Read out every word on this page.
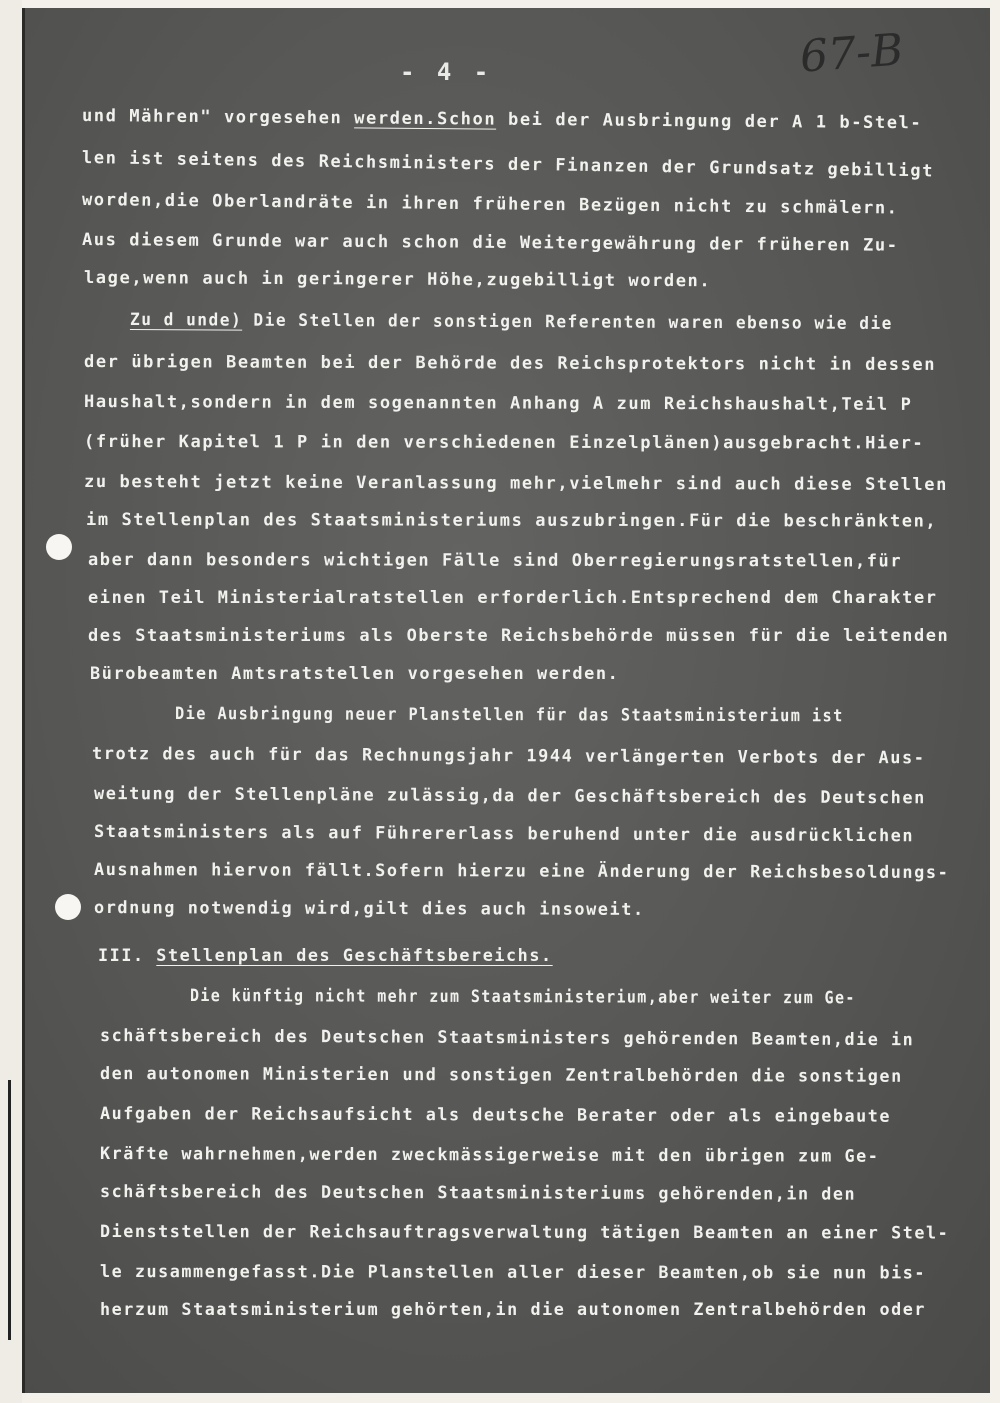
- 4 -	67-B
und Mähren" vorgesehen werden.Schon bei der Ausbringung der A 1 b-Stel-
len ist seitens des Reichsministers der Finanzen der Grundsatz gebilligt
worden,die Oberlandräte in ihren früheren Bezügen nicht zu schmälern.
Aus diesem Grunde war auch schon die Weitergewährung der früheren Zu-
lage,wenn auch in geringerer Höhe,zugebilligt worden.
Zu d unde) Die Stellen der sonstigen Referenten waren ebenso wie die
der übrigen Beamten bei der Behörde des Reichsprotektors nicht in dessen
Haushalt,sondern in dem sogenannten Anhang A zum Reichshaushalt,Teil P
(früher Kapitel 1 P in den verschiedenen Einzelplänen)ausgebracht.Hier-
zu besteht jetzt keine Veranlassung mehr,vielmehr sind auch diese Stellen
im Stellenplan des Staatsministeriums auszubringen.Für die beschränkten,
aber dann besonders wichtigen Fälle sind Oberregierungsratstellen,für
einen Teil Ministerialratstellen erforderlich.Entsprechend dem Charakter
des Staatsministeriums als Oberste Reichsbehörde müssen für die leitenden
Bürobeamten Amtsratstellen vorgesehen werden.
Die Ausbringung neuer Planstellen für das Staatsministerium ist
trotz des auch für das Rechnungsjahr 1944 verlängerten Verbots der Aus-
weitung der Stellenpläne zulässig,da der Geschäftsbereich des Deutschen
Staatsministers als auf Führererlass beruhend unter die ausdrücklichen
Ausnahmen hiervon fällt.Sofern hierzu eine Änderung der Reichsbesoldungs-
ordnung notwendig wird,gilt dies auch insoweit.
III. Stellenplan des Geschäftsbereichs.
Die künftig nicht mehr zum Staatsministerium,aber weiter zum Ge-
schäftsbereich des Deutschen Staatsministers gehörenden Beamten,die in
den autonomen Ministerien und sonstigen Zentralbehörden die sonstigen
Aufgaben der Reichsaufsicht als deutsche Berater oder als eingebaute
Kräfte wahrnehmen,werden zweckmässigerweise mit den übrigen zum Ge-
schäftsbereich des Deutschen Staatsministeriums gehörenden,in den
Dienststellen der Reichsauftragsverwaltung tätigen Beamten an einer Stel-
le zusammengefasst.Die Planstellen aller dieser Beamten,ob sie nun bis-
herzum Staatsministerium gehörten,in die autonomen Zentralbehörden oder
